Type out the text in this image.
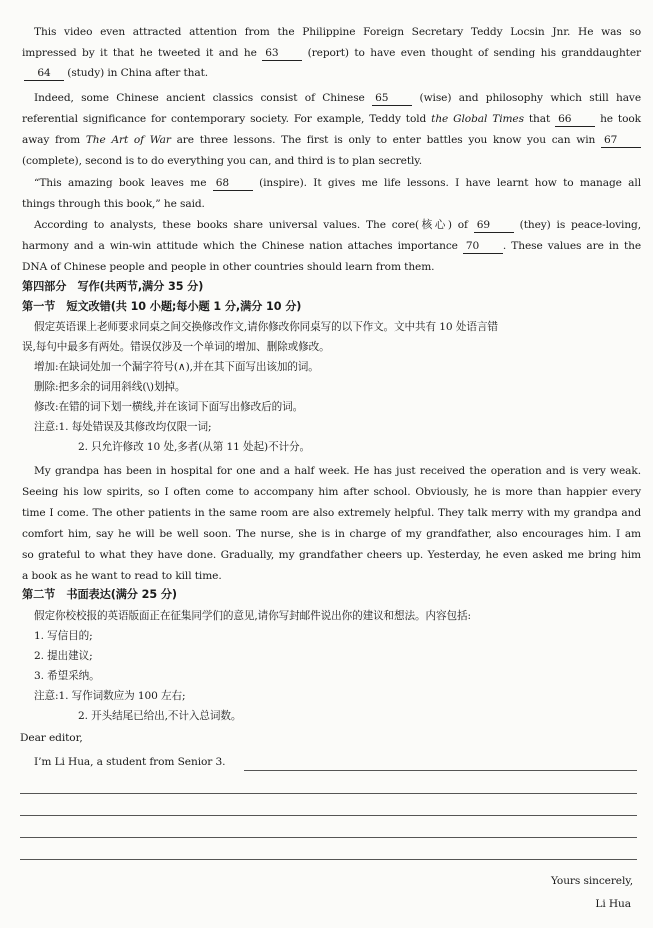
This video even attracted attention from the Philippine Foreign Secretary Teddy Locsin Jnr. He was so
impressed by it that he tweeted it and he 63	(report) to have even thought of sending his granddaughter
64 (study) in China after that.
Indeed, some Chinese ancient classics consist of Chinese 65	(wise) and philosophy which still have
referential significance for contemporary society. For example, Teddy told the Global Times that 66	he took
away from The Art of War are three lessons. The first is only to enter battles you know you can win 67
(complete), second is to do everything you can, and third is to plan secretly.
“This amazing book leaves me 68	(inspire). It gives me life lessons. I have learnt how to manage all
things through this book,” he said.
According to analysts, these books share universal values. The core(核心) of 69	(they) is peace-loving,
harmony and a win-win attitude which the Chinese nation attaches importance 70 . These values are in the
DNA of Chinese people and people in other countries should learn from them.
第四部分　写作(共两节,满分 35 分)
第一节　短文改错(共 10 小题;每小题 1 分,满分 10 分)
假定英语课上老师要求同桌之间交换修改作文,请你修改你同桌写的以下作文。文中共有 10 处语言错
误,每句中最多有两处。错误仅涉及一个单词的增加、删除或修改。
增加:在缺词处加一个漏字符号(∧),并在其下面写出该加的词。
删除:把多余的词用斜线(\)划掉。
修改:在错的词下划一横线,并在该词下面写出修改后的词。
注意:1. 每处错误及其修改均仅限一词;
2. 只允许修改 10 处,多者(从第 11 处起)不计分。
My grandpa has been in hospital for one and a half week. He has just received the operation and is very weak.
Seeing his low spirits, so I often come to accompany him after school. Obviously, he is more than happier every
time I come. The other patients in the same room are also extremely helpful. They talk merry with my grandpa and
comfort him, say he will be well soon. The nurse, she is in charge of my grandfather, also encourages him. I am
so grateful to what they have done. Gradually, my grandfather cheers up. Yesterday, he even asked me bring him
a book as he want to read to kill time.
第二节　书面表达(满分 25 分)
假定你校校报的英语版面正在征集同学们的意见,请你写封邮件说出你的建议和想法。内容包括:
1. 写信目的;
2. 提出建议;
3. 希望采纳。
注意:1. 写作词数应为 100 左右;
2. 开头结尾已给出,不计入总词数。
Dear editor,
I’m Li Hua, a student from Senior 3.
Yours sincerely,
Li Hua
